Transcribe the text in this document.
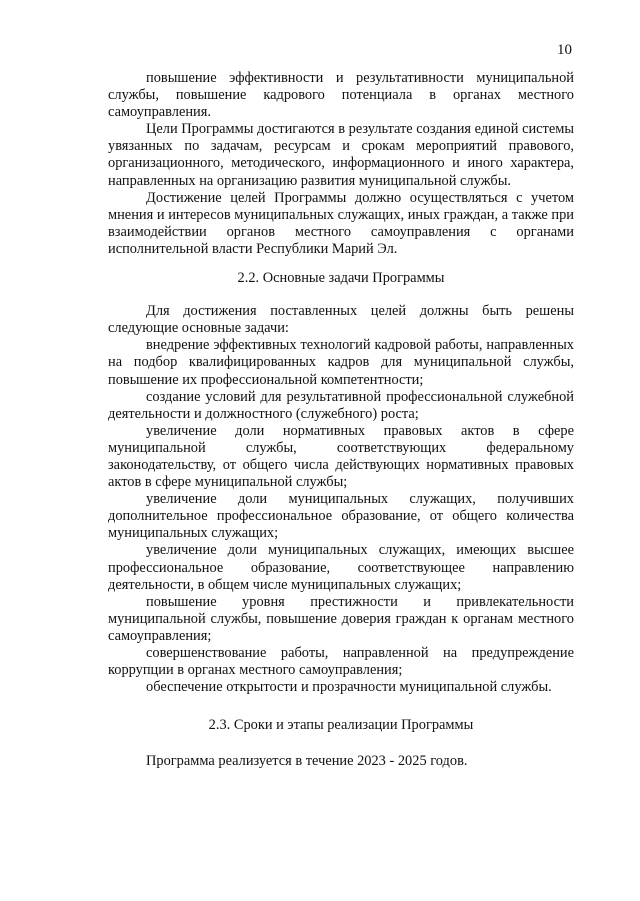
10

повышение эффективности и результативности муниципальной службы, повышение кадрового потенциала в органах местного самоуправления.

Цели Программы достигаются в результате создания единой системы увязанных по задачам, ресурсам и срокам мероприятий правового, организационного, методического, информационного и иного характера, направленных на организацию развития муниципальной службы.

Достижение целей Программы должно осуществляться с учетом мнения и интересов муниципальных служащих, иных граждан, а также при взаимодействии органов местного самоуправления с органами исполнительной власти Республики Марий Эл.

2.2. Основные задачи Программы

Для достижения поставленных целей должны быть решены следующие основные задачи:

внедрение эффективных технологий кадровой работы, направленных на подбор квалифицированных кадров для муниципальной службы, повышение их профессиональной компетентности;

создание условий для результативной профессиональной служебной деятельности и должностного (служебного) роста;

увеличение доли нормативных правовых актов в сфере муниципальной службы, соответствующих федеральному законодательству, от общего числа действующих нормативных правовых актов в сфере муниципальной службы;

увеличение доли муниципальных служащих, получивших дополнительное профессиональное образование, от общего количества муниципальных служащих;

увеличение доли муниципальных служащих, имеющих высшее профессиональное образование, соответствующее направлению деятельности, в общем числе муниципальных служащих;

повышение уровня престижности и привлекательности муниципальной службы, повышение доверия граждан к органам местного самоуправления;

совершенствование работы, направленной на предупреждение коррупции в органах местного самоуправления;

обеспечение открытости и прозрачности муниципальной службы.

2.3. Сроки и этапы реализации Программы

Программа реализуется в течение 2023 - 2025 годов.
